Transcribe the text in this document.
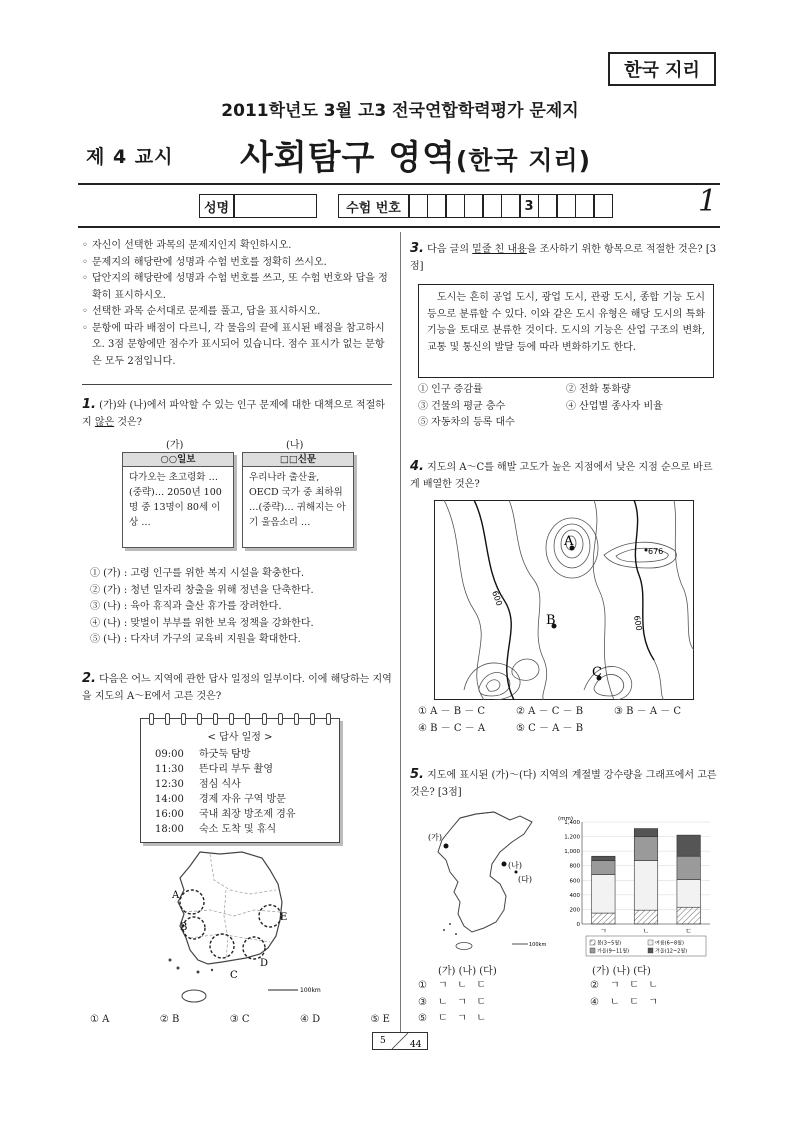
한국 지리
2011학년도 3월 고3 전국연합학력평가 문제지
제 4 교시 사회탐구 영역(한국 지리)
성명	수험 번호	3	1
◦ 자신이 선택한 과목의 문제지인지 확인하시오.
◦ 문제지의 해당란에 성명과 수험 번호를 정확히 쓰시오.
◦ 답안지의 해당란에 성명과 수험 번호를 쓰고, 또 수험 번호와 답을 정확히 표시하시오.
◦ 선택한 과목 순서대로 문제를 풀고, 답을 표시하시오.
◦ 문항에 따라 배점이 다르니, 각 물음의 끝에 표시된 배점을 참고하시오. 3점 문항에만 점수가 표시되어 있습니다. 점수 표시가 없는 문항은 모두 2점입니다.
1. (가)와 (나)에서 파악할 수 있는 인구 문제에 대한 대책으로 적절하지 않은 것은?
(가)	(나)
○○일보
다가오는 초고령화 …(중략)… 2050년 100명 중 13명이 80세 이상 …
□□신문
우리나라 출산율, OECD 국가 중 최하위 …(중략)… 귀해지는 아기 울음소리 …
① (가) : 고령 인구를 위한 복지 시설을 확충한다.
② (가) : 청년 일자리 창출을 위해 정년을 단축한다.
③ (나) : 육아 휴직과 출산 휴가를 장려한다.
④ (나) : 맞벌이 부부를 위한 보육 정책을 강화한다.
⑤ (나) : 다자녀 가구의 교육비 지원을 확대한다.
2. 다음은 어느 지역에 관한 답사 일정의 일부이다. 이에 해당하는 지역을 지도의 A～E에서 고른 것은?
< 답사 일정 >
09:00	하굿둑 탐방
11:30	뜬다리 부두 촬영
12:30	점심 식사
14:00	경제 자유 구역 방문
16:00	국내 최장 방조제 경유
18:00	숙소 도착 및 휴식
A
B
C
D
E
100km
① A	② B	③ C	④ D	⑤ E
3. 다음 글의 밑줄 친 내용을 조사하기 위한 항목으로 적절한 것은? [3점]
도시는 흔히 공업 도시, 광업 도시, 관광 도시, 종합 기능 도시 등으로 분류할 수 있다. 이와 같은 도시 유형은 해당 도시의 특화 기능을 토대로 분류한 것이다. 도시의 기능은 산업 구조의 변화, 교통 및 통신의 발달 등에 따라 변화하기도 한다.
① 인구 증감률	② 전화 통화량
③ 건물의 평균 층수	④ 산업별 종사자 비율
⑤ 자동차의 등록 대수
4. 지도의 A～C를 해발 고도가 높은 지점에서 낮은 지점 순으로 바르게 배열한 것은?
A
B
C
676
600
600
① A － B － C	② A － C － B	③ B － A － C
④ B － C － A	⑤ C － A － B
5. 지도에 표시된 (가)～(다) 지역의 계절별 강수량을 그래프에서 고른 것은? [3점]
(가)
(나)
(다)
100km
(mm)
0
200
400
600
800
1,000
1,200
1,400
ㄱ	ㄴ	ㄷ
봄(3~5월)	여름(6~8월)
가을(9~11월)	겨울(12~2월)
(가) (나) (다)	(가) (나) (다)
①	ㄱ   ㄴ   ㄷ	②	ㄱ   ㄷ   ㄴ
③	ㄴ   ㄱ   ㄷ	④	ㄴ   ㄷ   ㄱ
⑤	ㄷ   ㄱ   ㄴ
5	44
